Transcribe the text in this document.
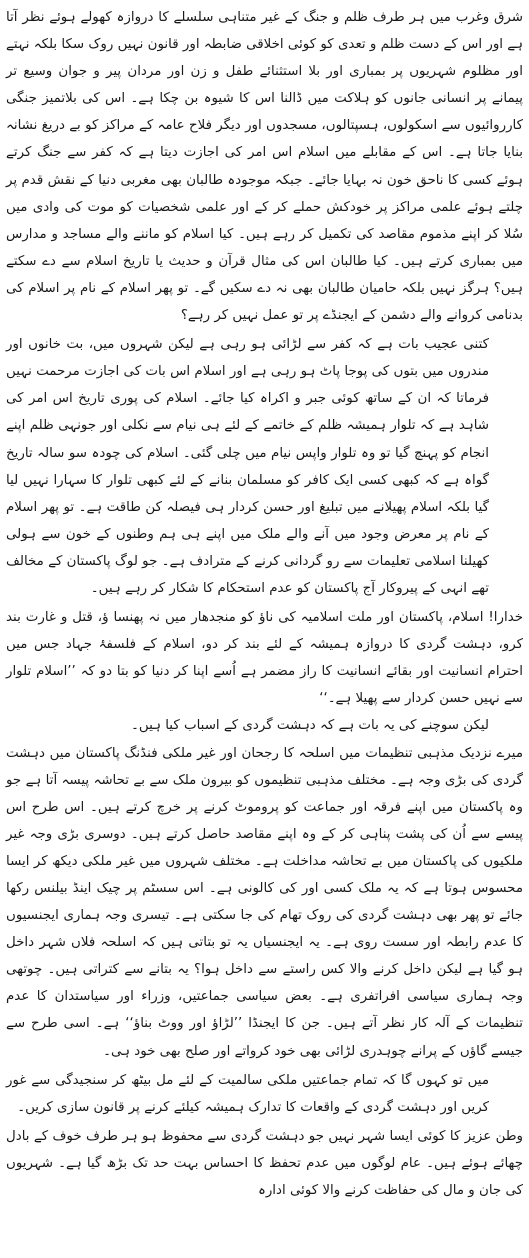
شرق وغرب میں ہر طرف ظلم و جنگ کے غیر متناہی سلسلے کا دروازہ کھولے ہوئے نظر آتا ہے اور اس کے دست ظلم و تعدی کو کوئی اخلاقی ضابطہ اور قانون نہیں روک سکا بلکہ نہتے اور مظلوم شہریوں پر بمباری اور بلا استثنائے طفل و زن اور مردان پیر و جوان وسیع تر پیمانے پر انسانی جانوں کو ہلاکت میں ڈالنا اس کا شیوہ بن چکا ہے۔ اس کی بلاتمیز جنگی کارروائیوں سے اسکولوں، ہسپتالوں، مسجدوں اور دیگر فلاح عامہ کے مراکز کو بے دریغ نشانہ بنایا جاتا ہے۔ اس کے مقابلے میں اسلام اس امر کی اجازت دیتا ہے کہ کفر سے جنگ کرتے ہوئے کسی کا ناحق خون نہ بہایا جائے۔ جبکہ موجودہ طالبان بھی مغربی دنیا کے نقش قدم پر چلتے ہوئے علمی مراکز پر خودکش حملے کر کے اور علمی شخصیات کو موت کی وادی میں سُلا کر اپنے مذموم مقاصد کی تکمیل کر رہے ہیں۔ کیا اسلام کو ماننے والے مساجد و مدارس میں بمباری کرتے ہیں۔ کیا طالبان اس کی مثال قرآن و حدیث یا تاریخ اسلام سے دے سکتے ہیں؟ ہرگز نہیں بلکہ حامیان طالبان بھی نہ دے سکیں گے۔ تو پھر اسلام کے نام پر اسلام کی بدنامی کروانے والے دشمن کے ایجنڈے پر تو عمل نہیں کر رہے؟

کتنی عجیب بات ہے کہ کفر سے لڑائی ہو رہی ہے لیکن شہروں میں، بت خانوں اور مندروں میں بتوں کی پوجا پاٹ ہو رہی ہے اور اسلام اس بات کی اجازت مرحمت نہیں فرماتا کہ ان کے ساتھ کوئی جبر و اکراہ کیا جائے۔ اسلام کی پوری تاریخ اس امر کی شاہد ہے کہ تلوار ہمیشہ ظلم کے خاتمے کے لئے ہی نیام سے نکلی اور جونہی ظلم اپنے انجام کو پہنچ گیا تو وہ تلوار واپس نیام میں چلی گئی۔ اسلام کی چودہ سو سالہ تاریخ گواہ ہے کہ کبھی کسی ایک کافر کو مسلمان بنانے کے لئے کبھی تلوار کا سہارا نہیں لیا گیا بلکہ اسلام پھیلانے میں تبلیغ اور حسن کردار ہی فیصلہ کن طاقت ہے۔ تو پھر اسلام کے نام پر معرض وجود میں آنے والے ملک میں اپنے ہی ہم وطنوں کے خون سے ہولی کھیلنا اسلامی تعلیمات سے رو گردانی کرنے کے مترادف ہے۔ جو لوگ پاکستان کے مخالف تھے انہی کے پیروکار آج پاکستان کو عدم استحکام کا شکار کر رہے ہیں۔

خدارا! اسلام، پاکستان اور ملت اسلامیہ کی ناؤ کو منجدھار میں نہ پھنسا ؤ، قتل و غارت بند کرو، دہشت گردی کا دروازہ ہمیشہ کے لئے بند کر دو، اسلام کے فلسفۂ جہاد جس میں احترام انسانیت اور بقائے انسانیت کا راز مضمر ہے اُسے اپنا کر دنیا کو بتا دو کہ ’’اسلام تلوار سے نہیں حسن کردار سے پھیلا ہے۔‘‘

لیکن سوچنے کی یہ بات ہے کہ دہشت گردی کے اسباب کیا ہیں۔

میرے نزدیک مذہبی تنظیمات میں اسلحہ کا رجحان اور غیر ملکی فنڈنگ پاکستان میں دہشت گردی کی بڑی وجہ ہے۔ مختلف مذہبی تنظیموں کو بیرون ملک سے بے تحاشہ پیسہ آتا ہے جو وہ پاکستان میں اپنے فرقہ اور جماعت کو پروموٹ کرنے پر خرچ کرتے ہیں۔ اس طرح اس پیسے سے اُن کی پشت پناہی کر کے وہ اپنے مقاصد حاصل کرتے ہیں۔ دوسری بڑی وجہ غیر ملکیوں کی پاکستان میں بے تحاشہ مداخلت ہے۔ مختلف شہروں میں غیر ملکی دیکھ کر ایسا محسوس ہوتا ہے کہ یہ ملک کسی اور کی کالونی ہے۔ اس سسٹم پر چیک اینڈ بیلنس رکھا جائے تو پھر بھی دہشت گردی کی روک تھام کی جا سکتی ہے۔ تیسری وجہ ہماری ایجنسیوں کا عدم رابطہ اور سست روی ہے۔ یہ ایجنسیاں یہ تو بتاتی ہیں کہ اسلحہ فلاں شہر داخل ہو گیا ہے لیکن داخل کرنے والا کس راستے سے داخل ہوا؟ یہ بتانے سے کتراتی ہیں۔ چوتھی وجہ ہماری سیاسی افراتفری ہے۔ بعض سیاسی جماعتیں، وزراء اور سیاستدان کا عدم تنظیمات کے آلہ کار نظر آتے ہیں۔ جن کا ایجنڈا ’’لڑاؤ اور ووٹ بناؤ‘‘ ہے۔ اسی طرح سے جیسے گاؤں کے پرانے چوہدری لڑائی بھی خود کرواتے اور صلح بھی خود ہی۔

میں تو کہوں گا کہ تمام جماعتیں ملکی سالمیت کے لئے مل بیٹھ کر سنجیدگی سے غور کریں اور دہشت گردی کے واقعات کا تدارک ہمیشہ کیلئے کرنے پر قانون سازی کریں۔

وطن عزیز کا کوئی ایسا شہر نہیں جو دہشت گردی سے محفوظ ہو ہر طرف خوف کے بادل چھائے ہوئے ہیں۔ عام لوگوں میں عدم تحفظ کا احساس بہت حد تک بڑھ گیا ہے۔ شہریوں کی جان و مال کی حفاظت کرنے والا کوئی ادارہ
